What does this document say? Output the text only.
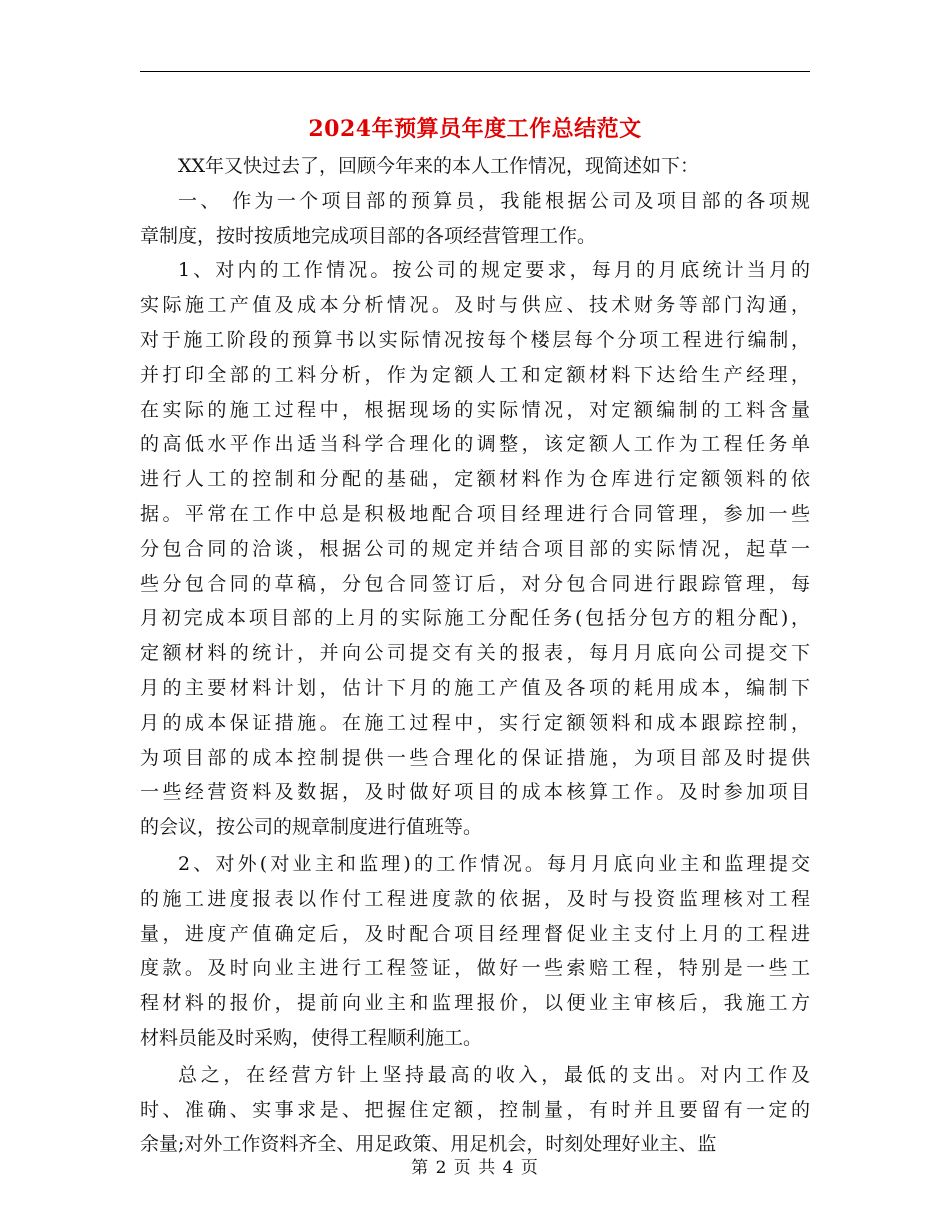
2024年预算员年度工作总结范文
XX年又快过去了，回顾今年来的本人工作情况，现简述如下：
一、 作为一个项目部的预算员，我能根据公司及项目部的各项规
章制度，按时按质地完成项目部的各项经营管理工作。
1、对内的工作情况。按公司的规定要求，每月的月底统计当月的
实际施工产值及成本分析情况。及时与供应、技术财务等部门沟通，
对于施工阶段的预算书以实际情况按每个楼层每个分项工程进行编制，
并打印全部的工料分析，作为定额人工和定额材料下达给生产经理，
在实际的施工过程中，根据现场的实际情况，对定额编制的工料含量
的高低水平作出适当科学合理化的调整，该定额人工作为工程任务单
进行人工的控制和分配的基础，定额材料作为仓库进行定额领料的依
据。平常在工作中总是积极地配合项目经理进行合同管理，参加一些
分包合同的洽谈，根据公司的规定并结合项目部的实际情况，起草一
些分包合同的草稿，分包合同签订后，对分包合同进行跟踪管理，每
月初完成本项目部的上月的实际施工分配任务(包括分包方的粗分配)，
定额材料的统计，并向公司提交有关的报表，每月月底向公司提交下
月的主要材料计划，估计下月的施工产值及各项的耗用成本，编制下
月的成本保证措施。在施工过程中，实行定额领料和成本跟踪控制，
为项目部的成本控制提供一些合理化的保证措施，为项目部及时提供
一些经营资料及数据，及时做好项目的成本核算工作。及时参加项目
的会议，按公司的规章制度进行值班等。
2、对外(对业主和监理)的工作情况。每月月底向业主和监理提交
的施工进度报表以作付工程进度款的依据，及时与投资监理核对工程
量，进度产值确定后，及时配合项目经理督促业主支付上月的工程进
度款。及时向业主进行工程签证，做好一些索赔工程，特别是一些工
程材料的报价，提前向业主和监理报价，以便业主审核后，我施工方
材料员能及时采购，使得工程顺利施工。
总之，在经营方针上坚持最高的收入，最低的支出。对内工作及
时、准确、实事求是、把握住定额，控制量，有时并且要留有一定的
余量;对外工作资料齐全、用足政策、用足机会，时刻处理好业主、监
第 2 页 共 4 页
